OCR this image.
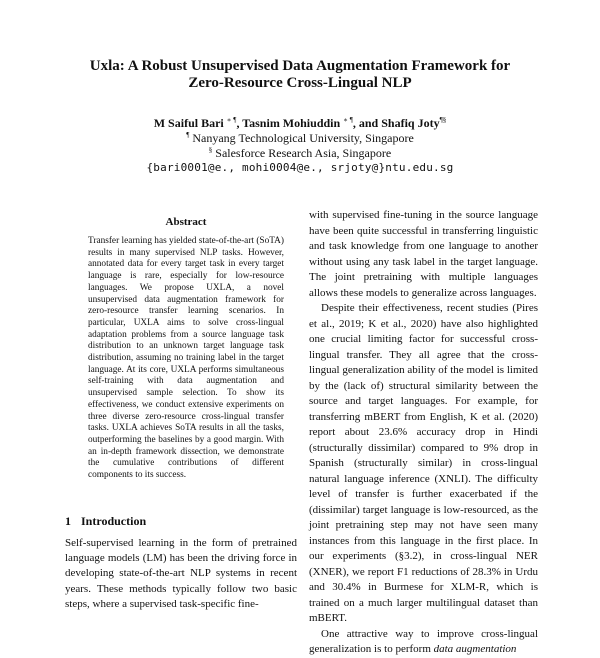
Uxla: A Robust Unsupervised Data Augmentation Framework for
Zero-Resource Cross-Lingual NLP
M Saiful Bari ∗ ¶, Tasnim Mohiuddin ∗ ¶, and Shafiq Joty¶§
¶ Nanyang Technological University, Singapore
§ Salesforce Research Asia, Singapore
{bari0001@e., mohi0004@e., srjoty@}ntu.edu.sg
Abstract

Transfer learning has yielded state-of-the-art (SoTA) results in many supervised NLP tasks. However, annotated data for every target task in every target language is rare, especially for low-resource languages. We propose UXLA, a novel unsupervised data augmentation framework for zero-resource transfer learning scenarios. In particular, UXLA aims to solve cross-lingual adaptation problems from a source language task distribution to an unknown target language task distribution, assuming no training label in the target language. At its core, UXLA performs simultaneous self-training with data augmentation and unsupervised sample selection. To show its effectiveness, we conduct extensive experiments on three diverse zero-resource cross-lingual transfer tasks. UXLA achieves SoTA results in all the tasks, outperforming the baselines by a good margin. With an in-depth framework dissection, we demonstrate the cumulative contributions of different components to its success.

1 Introduction

Self-supervised learning in the form of pretrained language models (LM) has been the driving force in developing state-of-the-art NLP systems in recent years. These methods typically follow two basic steps, where a supervised task-specific fine-

with supervised fine-tuning in the source language have been quite successful in transferring linguistic and task knowledge from one language to another without using any task label in the target language. The joint pretraining with multiple languages allows these models to generalize across languages.

Despite their effectiveness, recent studies (Pires et al., 2019; K et al., 2020) have also highlighted one crucial limiting factor for successful cross-lingual transfer. They all agree that the cross-lingual generalization ability of the model is limited by the (lack of) structural similarity between the source and target languages. For example, for transferring mBERT from English, K et al. (2020) report about 23.6% accuracy drop in Hindi (structurally dissimilar) compared to 9% drop in Spanish (structurally similar) in cross-lingual natural language inference (XNLI). The difficulty level of transfer is further exacerbated if the (dissimilar) target language is low-resourced, as the joint pretraining step may not have seen many instances from this language in the first place. In our experiments (§3.2), in cross-lingual NER (XNER), we report F1 reductions of 28.3% in Urdu and 30.4% in Burmese for XLM-R, which is trained on a much larger multilingual dataset than mBERT.

One attractive way to improve cross-lingual generalization is to perform data augmentation
